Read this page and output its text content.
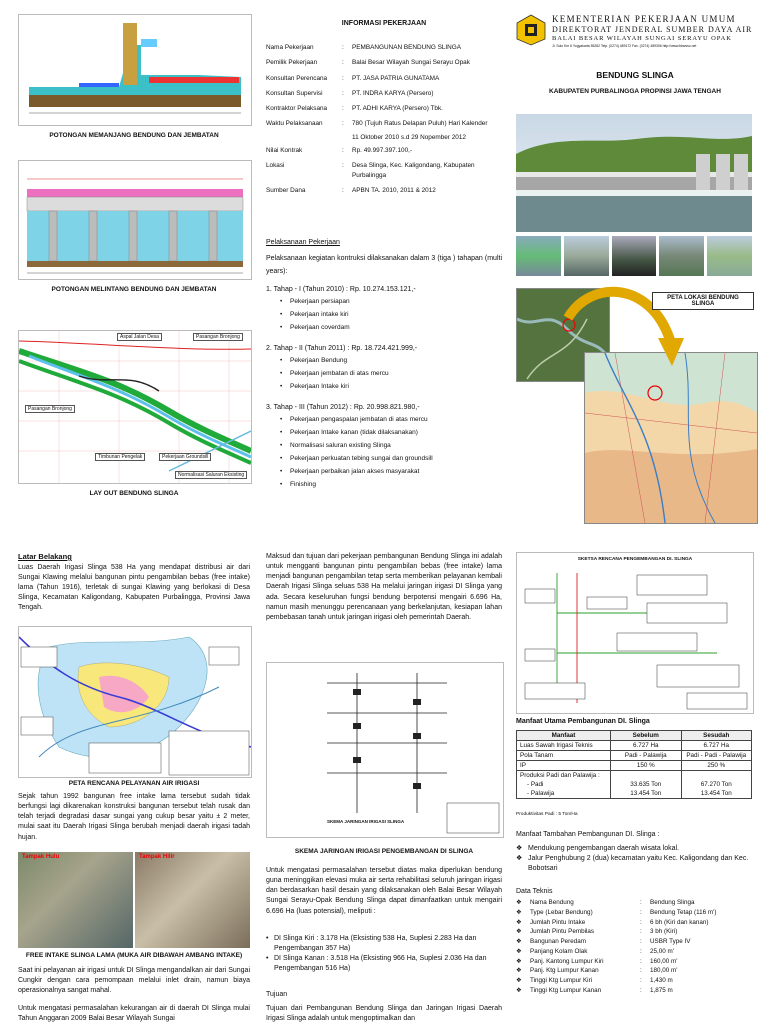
POTONGAN MEMANJANG BENDUNG DAN JEMBATAN
POTONGAN MELINTANG BENDUNG DAN JEMBATAN
Aspal Jalan Desa	Pasangan Bronjong
Pasangan Bronjong
Timbunan Pengelak	Pekerjaan Groundsill
Normalisasi Saluran Eksisting
LAY OUT BENDUNG SLINGA
INFORMASI PEKERJAAN
Nama Pekerjaan	:	PEMBANGUNAN BENDUNG SLINGA
Pemilik Pekerjaan	:	Balai Besar Wilayah Sungai Serayu Opak
Konsultan Perencana	:	PT. JASA PATRIA GUNATAMA
Konsultan Supervisi	:	PT. INDRA KARYA (Persero)
Kontraktor Pelaksana	:	PT. ADHI KARYA (Persero) Tbk.
Waktu Pelaksanaan	:	780 (Tujuh Ratus Delapan Puluh) Hari Kalender
11 Oktober 2010 s.d 29 Nopember 2012
Nilai Kontrak	:	Rp. 49.997.397.100,-
Lokasi	:	Desa Slinga, Kec. Kaligondang, Kabupaten Purbalingga
Sumber Dana	:	APBN TA. 2010, 2011 & 2012
Pelaksanaan Pekerjaan
Pelaksanaan kegiatan kontruksi dilaksanakan dalam 3 (tiga ) tahapan (multi years):
1. Tahap - I (Tahun 2010) : Rp. 10.274.153.121,-
• Pekerjaan persiapan
• Pekerjaan intake kiri
• Pekerjaan coverdam
2. Tahap - II (Tahun 2011) : Rp. 18.724.421.999,-
• Pekerjaan Bendung
• Pekerjaan jembatan di atas mercu
• Pekerjaan Intake kiri
3. Tahap - III (Tahun 2012) : Rp. 20.998.821.980,-
• Pekerjaan pengaspalan jembatan di atas mercu
• Pekerjaan Intake kanan (tidak dilaksanakan)
• Normalisasi saluran existing Slinga
• Pekerjaan perkuatan tebing sungai dan groundsill
• Pekerjaan perbaikan jalan akses masyarakat
• Finishing
KEMENTERIAN PEKERJAAN UMUM
DIREKTORAT JENDERAL SUMBER DAYA AIR
BALAI BESAR WILAYAH SUNGAI SERAYU OPAK
Jl. Solo Km 6 Yogyakarta 55282 Telp. (0274) 489172 Fax. (0274) 489306 http://www.bbwsso.net
BENDUNG SLINGA
KABUPATEN PURBALINGGA PROPINSI JAWA TENGAH
PETA LOKASI BENDUNG SLINGA
Latar Belakang
Luas Daerah Irigasi Slinga 538 Ha yang mendapat distribusi air dari Sungai Klawing melalui bangunan pintu pengambilan bebas (free intake) lama (Tahun 1916), terletak di sungai Klawing yang berlokasi di Desa Slinga, Kecamatan Kaligondang, Kabupaten Purbalingga, Provinsi Jawa Tengah.
PETA RENCANA PELAYANAN AIR IRIGASI
Sejak tahun 1992 bangunan free intake lama tersebut sudah tidak berfungsi lagi dikarenakan konstruksi bangunan tersebut telah rusak dan telah terjadi degradasi dasar sungai yang cukup besar yaitu ± 2 meter, mulai saat itu Daerah Irigasi Slinga berubah menjadi daerah irigasi tadah hujan.
Tampak Hulu	Tampak Hilir
FREE INTAKE SLINGA LAMA (MUKA AIR DIBAWAH AMBANG INTAKE)
Saat ini pelayanan air irigasi untuk DI Slinga mengandalkan air dari Sungai Cungkir dengan cara pemompaan melalui inlet drain, namun biaya operasionalnya sangat mahal.
Untuk mengatasi permasalahan kekurangan air di daerah DI Slinga mulai Tahun Anggaran 2009 Balai Besar Wilayah Sungai
Maksud dan tujuan dari pekerjaan pembangunan Bendung Slinga ini adalah untuk mengganti bangunan pintu pengambilan bebas (free intake) lama menjadi bangunan pengambilan tetap serta memberikan pelayanan kembali Daerah Irigasi Slinga seluas 538 Ha melalui jaringan irigasi DI Slinga yang ada. Secara keseluruhan fungsi bendung berpotensi mengairi 6.696 Ha, namun masih menunggu perencanaan yang berkelanjutan, kesiapan lahan pembebasan tanah untuk jaringan irigasi oleh pemerintah Daerah.
SKEMA JARINGAN IRIGASI SLINGA
SKEMA JARINGAN IRIGASI PENGEMBANGAN DI SLINGA
Untuk mengatasi permasalahan tersebut diatas maka diperlukan bendung guna meninggikan elevasi muka air serta rehabilitasi seluruh jaringan irigasi dan berdasarkan hasil desain yang dilaksanakan oleh Balai Besar Wilayah Sungai Serayu-Opak Bendung Slinga dapat dimanfaatkan untuk mengairi 6.696 Ha (luas potensial), meliputi :
• DI Slinga Kiri : 3.178 Ha (Eksisting 538 Ha, Suplesi 2.283 Ha dan Pengembangan 357 Ha)
• DI Slinga Kanan : 3.518 Ha (Eksisting 966 Ha, Suplesi 2.036 Ha dan Pengembangan 516 Ha)
Tujuan
Tujuan dari Pembangunan Bendung Slinga dan Jaringan Irigasi Daerah Irigasi Slinga adalah untuk mengoptimalkan dan
SKETSA RENCANA PENGEMBANGAN DI. SLINGA
Manfaat Utama Pembangunan DI. Slinga
Manfaat	Sebelum	Sesudah
Luas Sawah Irigasi Teknis	6.727 Ha	6.727 Ha
Pola Tanam	Padi - Palawija	Padi - Padi - Palawija
IP	150 %	250 %
Produksi Padi dan Palawija :		
- Padi	33.635 Ton	67.270 Ton
- Palawija	13.454 Ton	13.454 Ton
Produktivitas Padi : 5 Ton/Ha
Manfaat Tambahan Pembangunan DI. Slinga :
❖ Mendukung pengembangan daerah wisata lokal.
❖ Jalur Penghubung 2 (dua) kecamatan yaitu Kec. Kaligondang dan Kec. Bobotsari
Data Teknis
❖	Nama Bendung	:	Bendung Slinga
❖	Type (Lebar Bendung)	:	Bendung Tetap (116 m')
❖	Jumlah Pintu Intake	:	6 bh (Kiri dan kanan)
❖	Jumlah Pintu Pembilas	:	3 bh (Kiri)
❖	Bangunan Peredam	:	USBR Type IV
❖	Panjang Kolam Olak	:	25,00 m'
❖	Panj. Kantong Lumpur Kiri	:	160,00 m'
❖	Panj. Ktg Lumpur Kanan	:	180,00 m'
❖	Tinggi Ktg Lumpur Kiri	:	1,430 m
❖	Tinggi Ktg Lumpur Kanan	:	1,875 m
